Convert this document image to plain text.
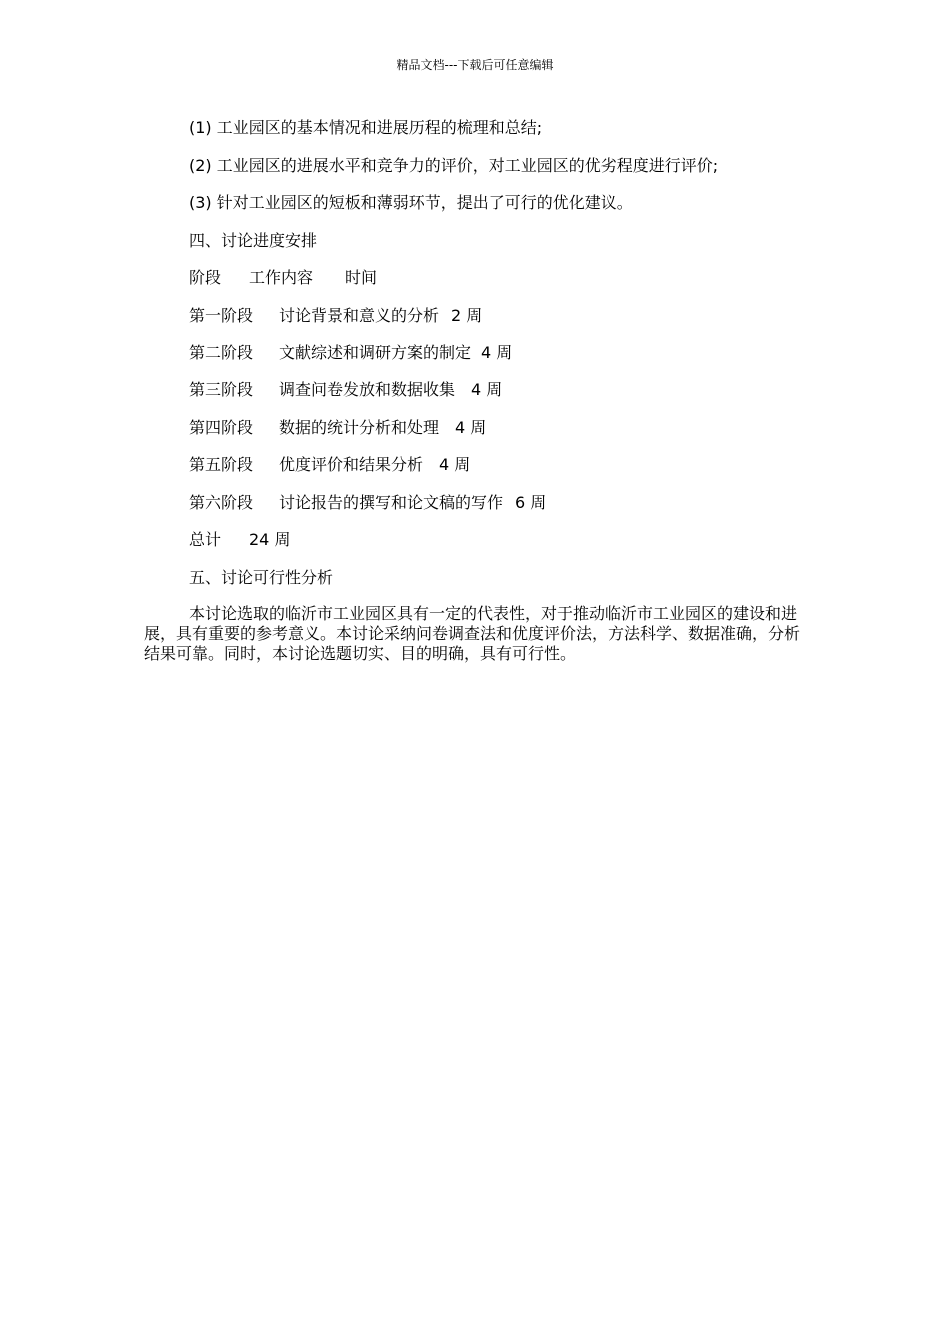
精品文档---下载后可任意编辑
(1) 工业园区的基本情况和进展历程的梳理和总结;
(2) 工业园区的进展水平和竞争力的评价，对工业园区的优劣程度进行评价;
(3) 针对工业园区的短板和薄弱环节，提出了可行的优化建议。
四、讨论进度安排
阶段 工作内容 时间
第一阶段 讨论背景和意义的分析 2 周
第二阶段 文献综述和调研方案的制定 4 周
第三阶段 调查问卷发放和数据收集 4 周
第四阶段 数据的统计分析和处理 4 周
第五阶段 优度评价和结果分析 4 周
第六阶段 讨论报告的撰写和论文稿的写作 6 周
总计 24 周
五、讨论可行性分析
本讨论选取的临沂市工业园区具有一定的代表性，对于推动临沂市工业园区的建设和进展，具有重要的参考意义。本讨论采纳问卷调查法和优度评价法，方法科学、数据准确，分析结果可靠。同时，本讨论选题切实、目的明确，具有可行性。
